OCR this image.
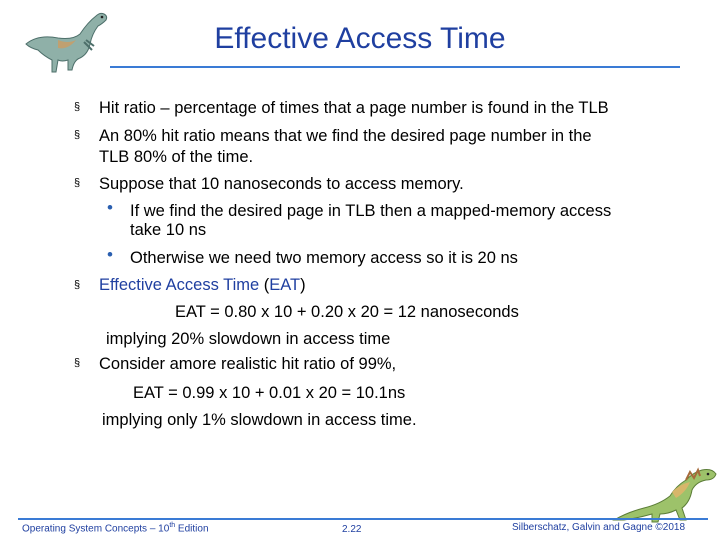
Effective Access Time
§ Hit ratio – percentage of times that a page number is found in the TLB
§ An 80% hit ratio means that we find the desired page number in the
TLB 80% of the time.
§ Suppose that 10 nanoseconds to access memory.
• If we find the desired page in TLB then a mapped-memory access
take 10 ns
• Otherwise we need two memory access so it is 20 ns
§ Effective Access Time (EAT)
EAT = 0.80 x 10 + 0.20 x 20 = 12 nanoseconds
implying 20% slowdown in access time
§ Consider amore realistic hit ratio of 99%,
EAT = 0.99 x 10 + 0.01 x 20 = 10.1ns
implying only 1% slowdown in access time.
Operating System Concepts – 10th Edition	2.22	Silberschatz, Galvin and Gagne ©2018
